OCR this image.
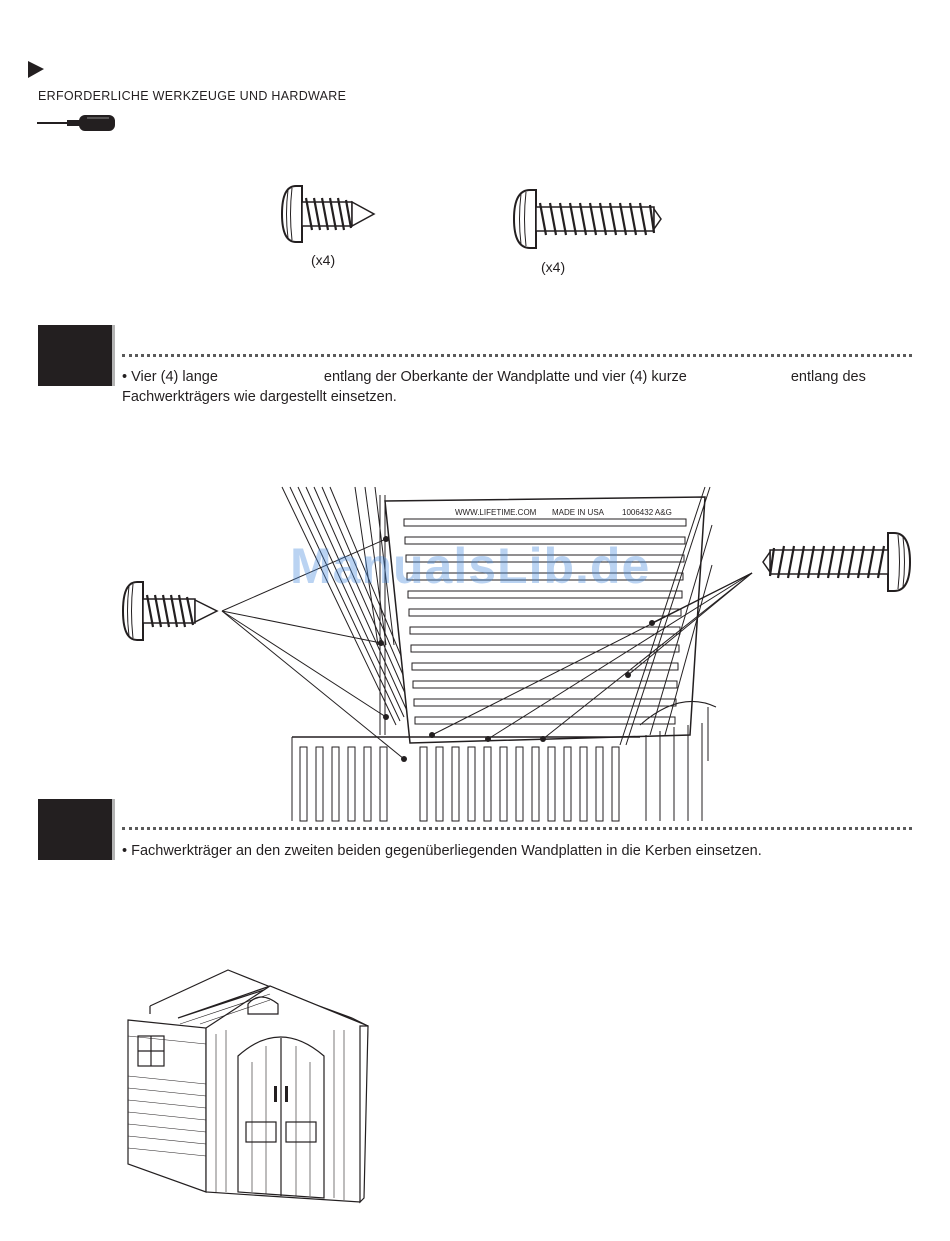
ERFORDERLICHE WERKZEUGE UND HARDWARE
(x4)	(x4)
• Vier (4) lange	entlang der Oberkante der Wandplatte und vier (4) kurze	entlang des
Fachwerkträgers wie dargestellt einsetzen.
WWW.LIFETIME.COM MADE IN USA 1006432 A&G
ManualsLib.de
• Fachwerkträger an den zweiten beiden gegenüberliegenden Wandplatten in die Kerben einsetzen.
